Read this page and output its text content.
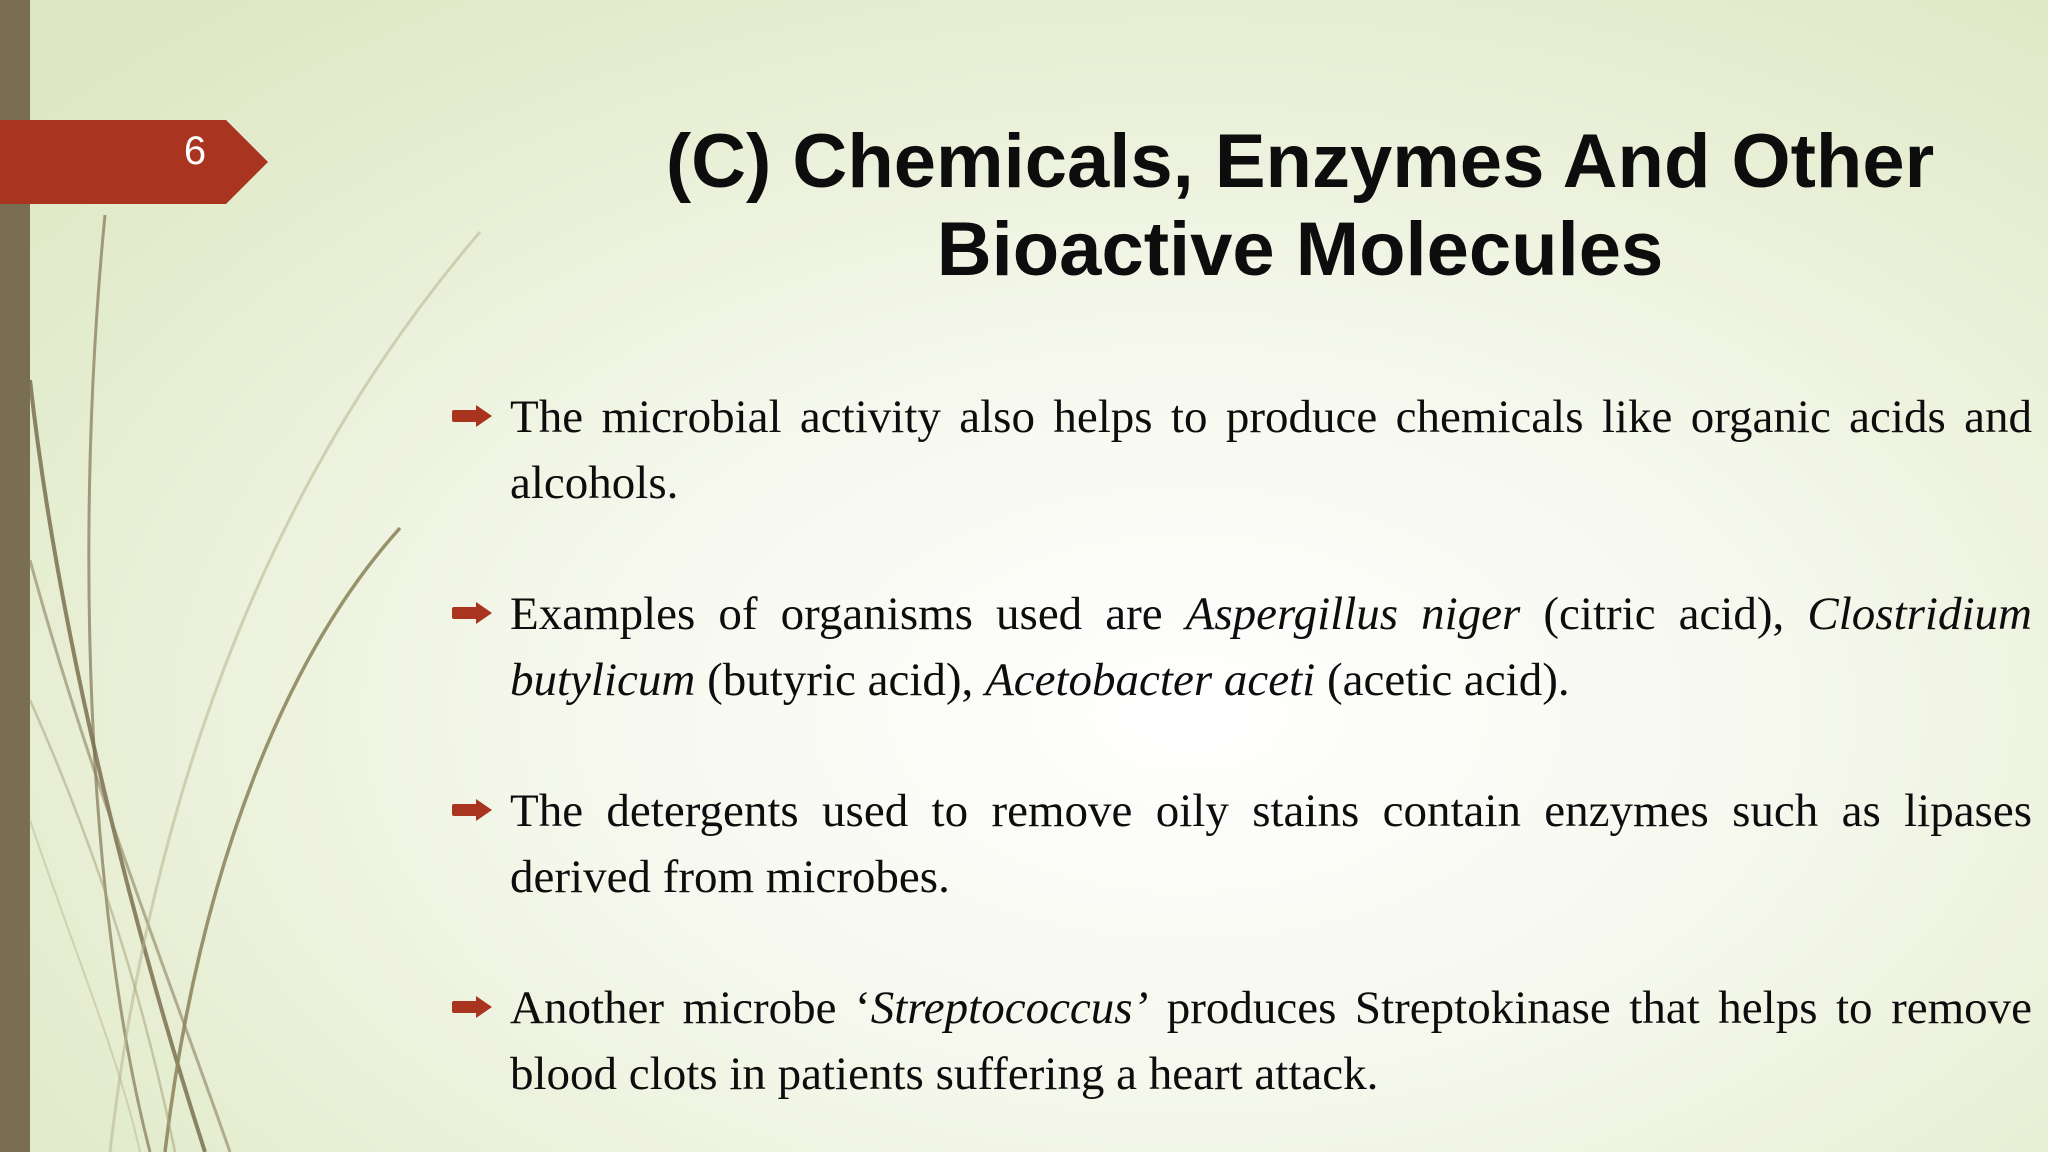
6	(C) Chemicals, Enzymes And Other
Bioactive Molecules
The microbial activity also helps to produce chemicals like organic acids and alcohols.
Examples of organisms used are Aspergillus niger (citric acid), Clostridium butylicum (butyric acid), Acetobacter aceti (acetic acid).
The detergents used to remove oily stains contain enzymes such as lipases derived from microbes.
Another microbe ‘Streptococcus’ produces Streptokinase that helps to remove blood clots in patients suffering a heart attack.
